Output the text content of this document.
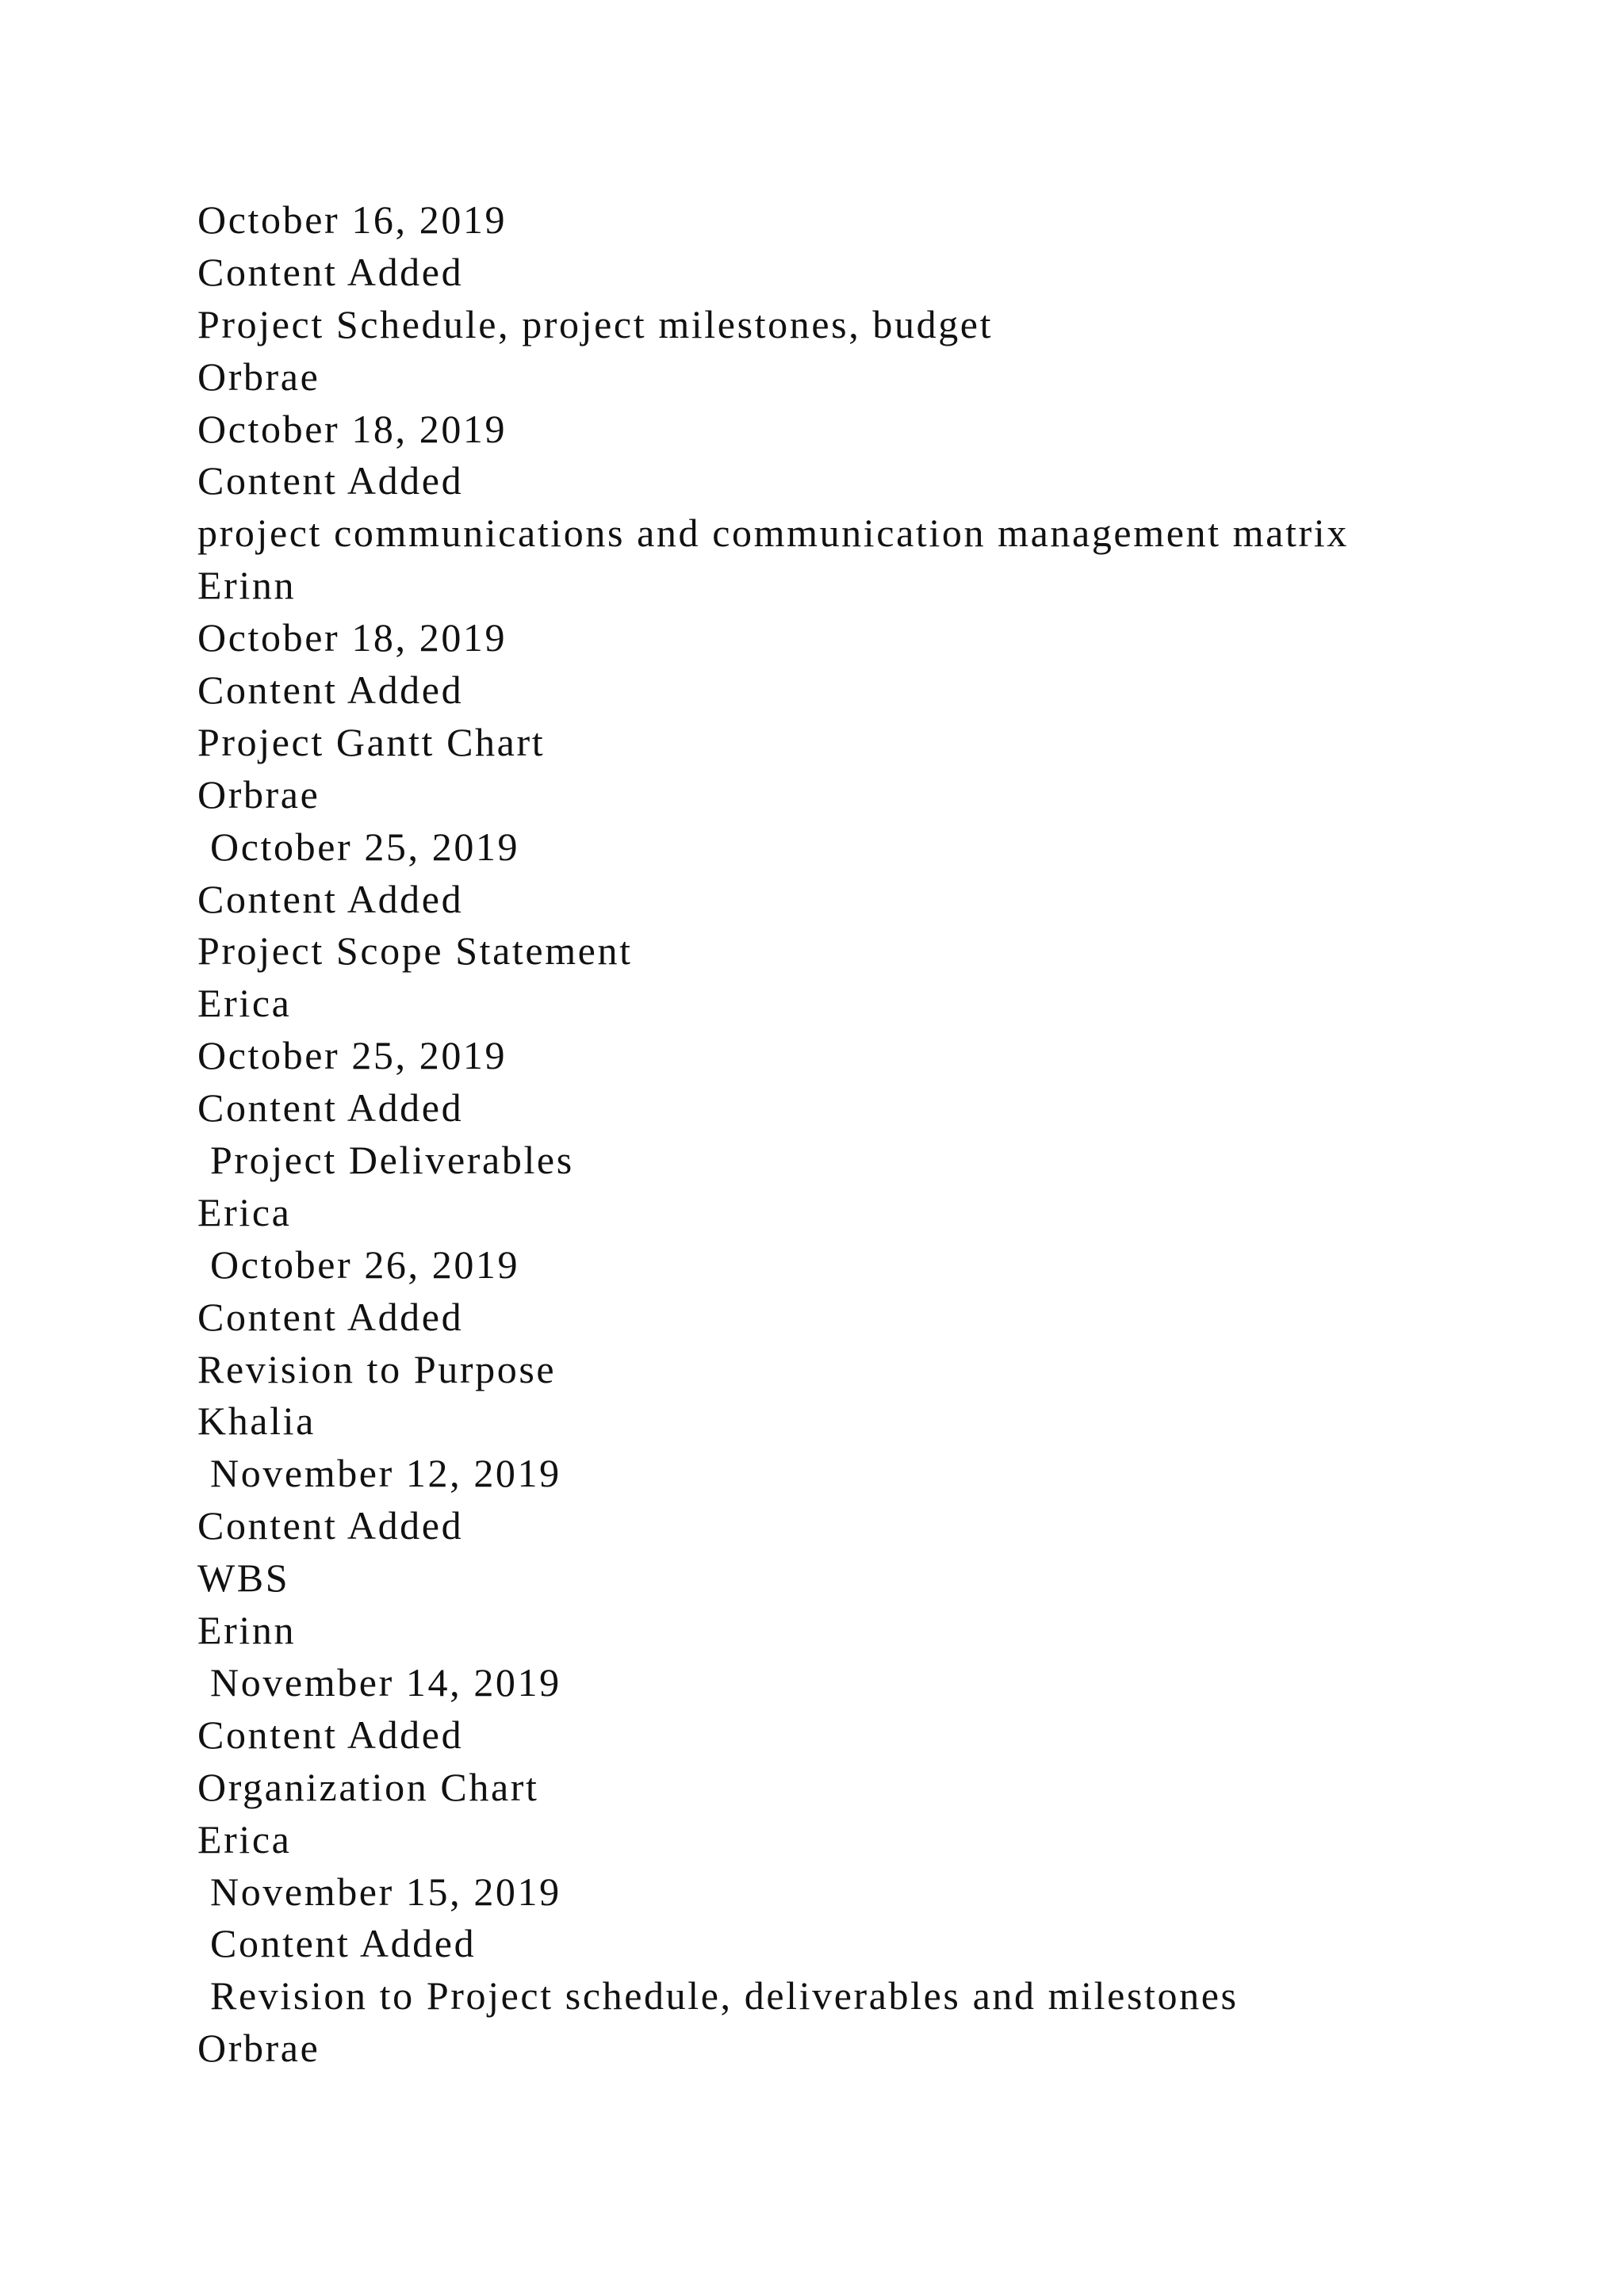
October 16, 2019
Content Added
Project Schedule, project milestones, budget
Orbrae
October 18, 2019
Content Added
project communications and communication management matrix
Erinn
October 18, 2019
Content Added
Project Gantt Chart
Orbrae
October 25, 2019
Content Added
Project Scope Statement
Erica
October 25, 2019
Content Added
Project Deliverables
Erica
October 26, 2019
Content Added
Revision to Purpose
Khalia
November 12, 2019
Content Added
WBS
Erinn
November 14, 2019
Content Added
Organization Chart
Erica
November 15, 2019
Content Added
Revision to Project schedule, deliverables and milestones
Orbrae
